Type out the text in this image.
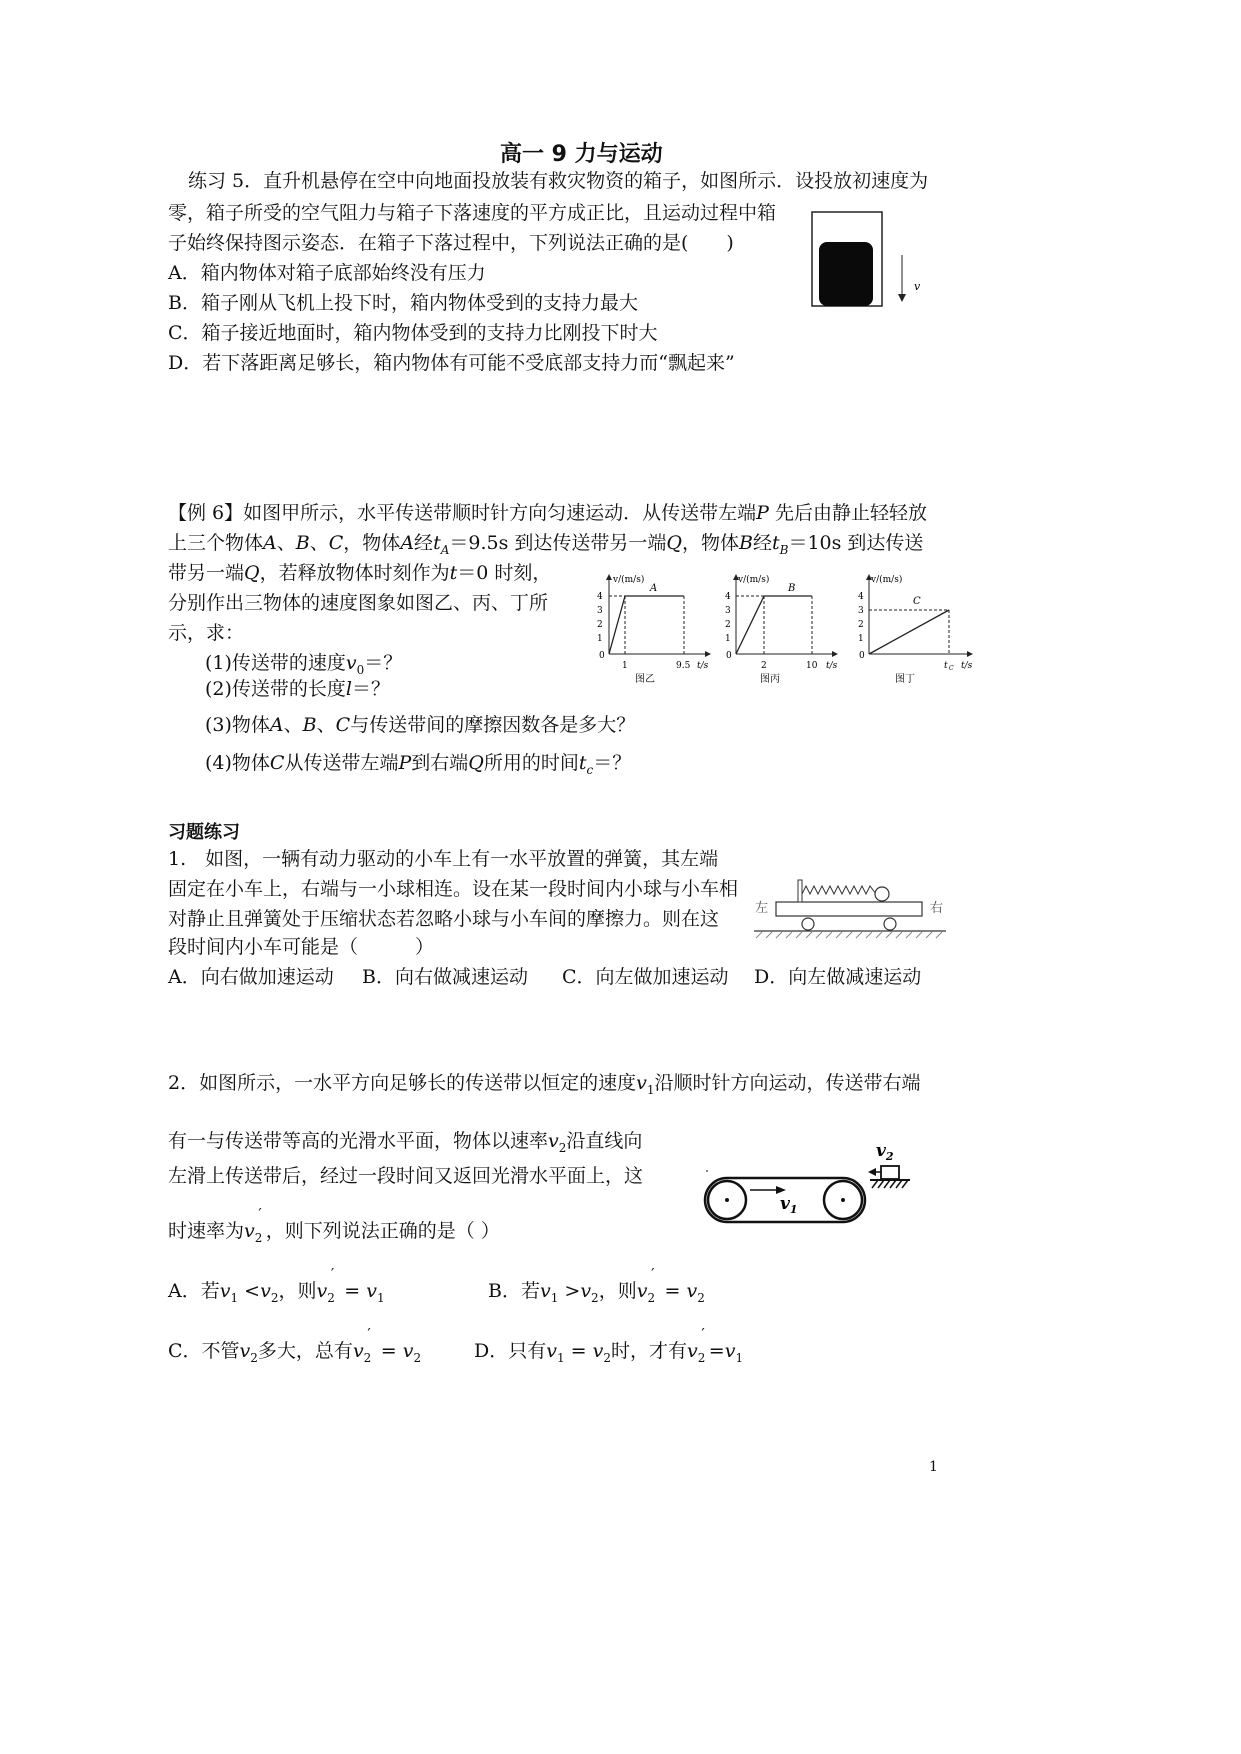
高一 9 力与运动
练习 5．直升机悬停在空中向地面投放装有救灾物资的箱子，如图所示．设投放初速度为
零，箱子所受的空气阻力与箱子下落速度的平方成正比，且运动过程中箱
子始终保持图示姿态．在箱子下落过程中，下列说法正确的是(　　)
A．箱内物体对箱子底部始终没有压力
B．箱子刚从飞机上投下时，箱内物体受到的支持力最大
C．箱子接近地面时，箱内物体受到的支持力比刚投下时大
D．若下落距离足够长，箱内物体有可能不受底部支持力而“飘起来”
v
【例 6】如图甲所示，水平传送带顺时针方向匀速运动．从传送带左端P 先后由静止轻轻放
上三个物体A、B、C，物体A经$t_A=9.5s$ 到达传送带另一端Q，物体B经$t_B=10s$ 到达传送
带另一端Q，若释放物体时刻作为t＝0 时刻，
分别作出三物体的速度图象如图乙、丙、丁所
示，求：
(1)传送带的速度$v_0=$？
(2)传送带的长度l＝？
(3)物体A、B、C与传送带间的摩擦因数各是多大？
(4)物体C从传送带左端P到右端Q所用的时间$t_c=$？
v/(m/s)
4
3
2
1
0
A
1	9.5 t/s
图乙
v/(m/s)
4
3
2
1
0
B
2	10 t/s
图丙
v/(m/s)
4
3
2
1
0
C
t C t/s
图丁
习题练习
1.　如图，一辆有动力驱动的小车上有一水平放置的弹簧，其左端
固定在小车上，右端与一小球相连。设在某一段时间内小球与小车相
对静止且弹簧处于压缩状态若忽略小球与小车间的摩擦力。则在这
段时间内小车可能是（　　　）
A．向右做加速运动 B．向右做减速运动 C．向左做加速运动 D．向左做减速运动
左	右
2．如图所示，一水平方向足够长的传送带以恒定的速度$v_1$沿顺时针方向运动，传送带右端
有一与传送带等高的光滑水平面，物体以速率$v_2$沿直线向
左滑上传送带后，经过一段时间又返回光滑水平面上，这
时速率为$v_2'$，则下列说法正确的是（ ）
A．若$v_1 <v_2$，则$v_2' = v_1$	B．若$v_1 >v_2$，则$v_2' = v_2$
C．不管$v_2$多大，总有$v_2' = v_2$	D．只有$v_1 = v_2$时，才有$v_2'=v_1$
$v_2$
$v_1$
1
